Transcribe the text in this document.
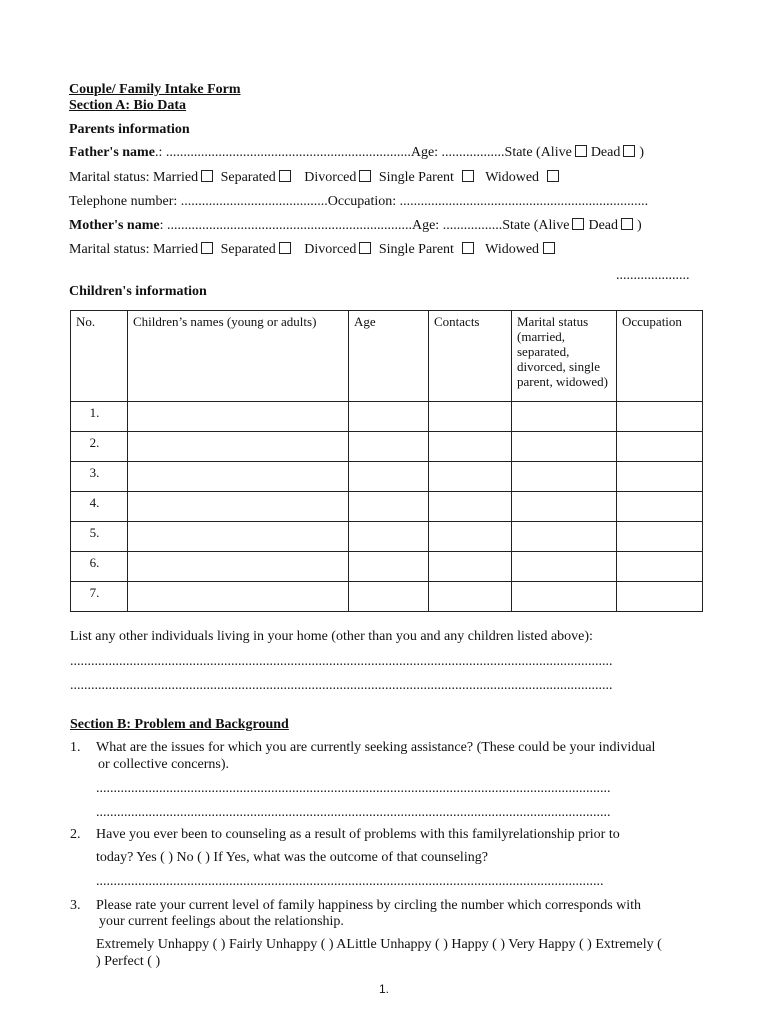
Couple/ Family Intake Form
Section A: Bio Data
Parents information
Father's name.: ......................................................................Age: ..................State (Alive Dead )
Marital status: Married Separated Divorced Single Parent Widowed
Telephone number: ..........................................Occupation: .......................................................................
Mother's name: ......................................................................Age: .................State (Alive Dead )
Marital status: Married Separated Divorced Single Parent Widowed
.....................
Children's information
No.	Children’s names (young or adults)	Age	Contacts	Marital status (married, separated, divorced, single parent, widowed)	Occupation
1.					
2.					
3.					
4.					
5.					
6.					
7.					
List any other individuals living in your home (other than you and any children listed above):
...........................................................................................................................................................
...........................................................................................................................................................
Section B: Problem and Background
1. What are the issues for which you are currently seeking assistance? (These could be your individual
or collective concerns).
...................................................................................................................................................
...................................................................................................................................................
2. Have you ever been to counseling as a result of problems with this familyrelationship prior to
today? Yes ( ) No ( ) If Yes, what was the outcome of that counseling?
.................................................................................................................................................
3. Please rate your current level of family happiness by circling the number which corresponds with
your current feelings about the relationship.
Extremely Unhappy ( ) Fairly Unhappy ( ) ALittle Unhappy ( ) Happy ( ) Very Happy ( ) Extremely (
) Perfect ( )
1.
